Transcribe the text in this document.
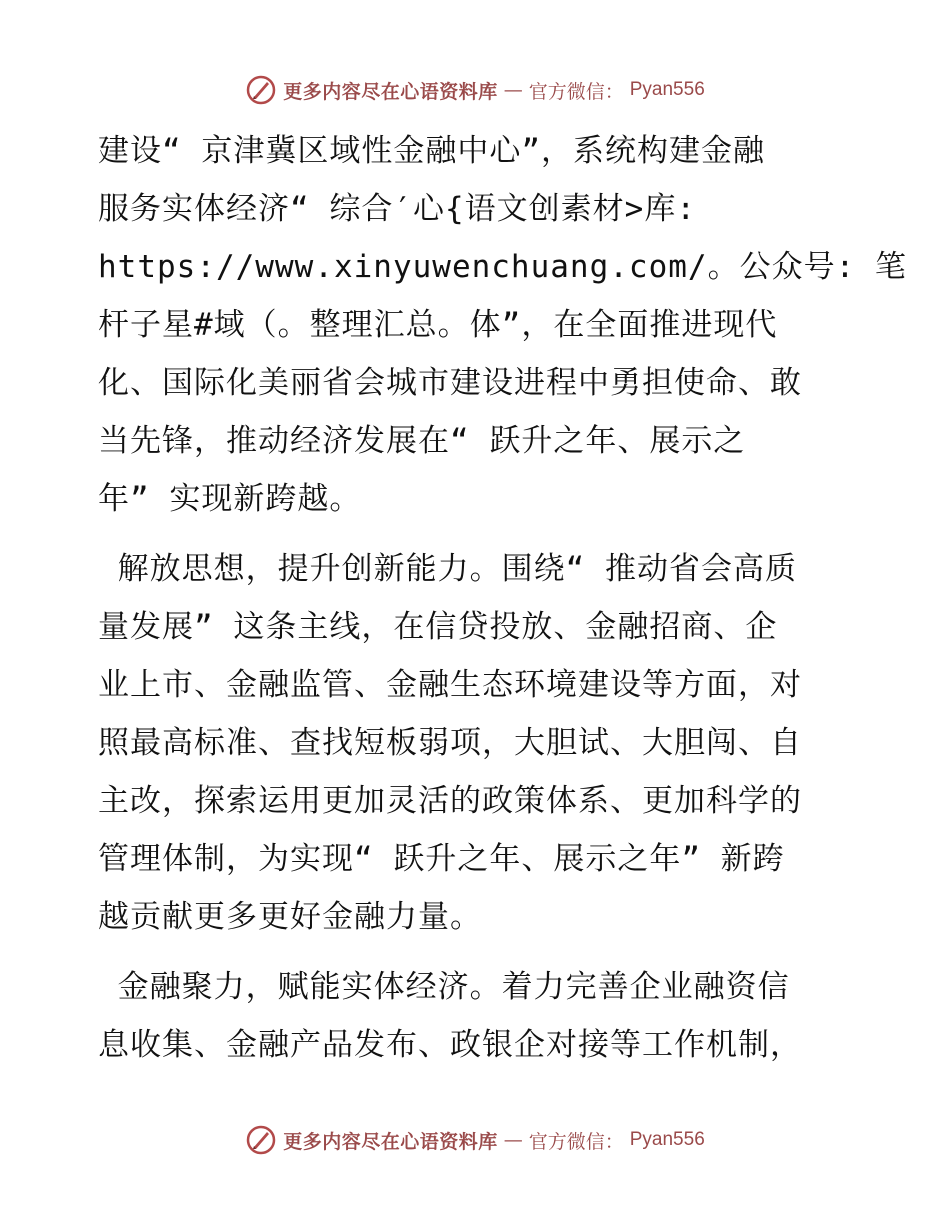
更多内容尽在心语资料库 — 官方微信： Pyan556

建设“ 京津冀区域性金融中心”，系统构建金融
服务实体经济“ 综合′心{语文创素材>库:
https://www.xinyuwenchuang.com/。公众号: 笔
杆子星#域（。整理汇总。体”，在全面推进现代
化、国际化美丽省会城市建设进程中勇担使命、敢
当先锋，推动经济发展在“ 跃升之年、展示之
年” 实现新跨越。

解放思想，提升创新能力。围绕“ 推动省会高质
量发展” 这条主线，在信贷投放、金融招商、企
业上市、金融监管、金融生态环境建设等方面，对
照最高标准、查找短板弱项，大胆试、大胆闯、自
主改，探索运用更加灵活的政策体系、更加科学的
管理体制，为实现“ 跃升之年、展示之年” 新跨
越贡献更多更好金融力量。

金融聚力，赋能实体经济。着力完善企业融资信
息收集、金融产品发布、政银企对接等工作机制，

更多内容尽在心语资料库 — 官方微信： Pyan556
